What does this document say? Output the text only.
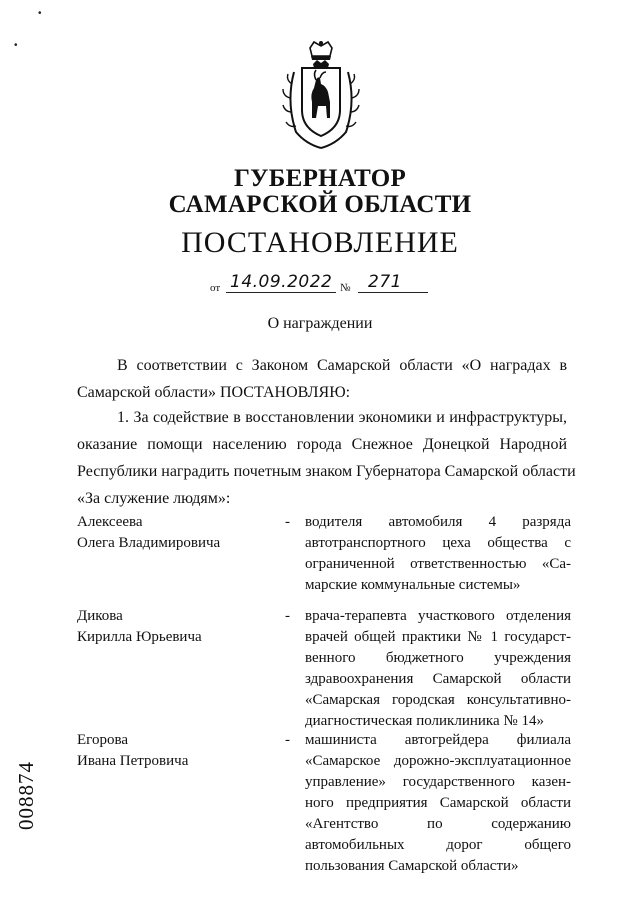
•
•
ГУБЕРНАТОР
САМАРСКОЙ ОБЛАСТИ
ПОСТАНОВЛЕНИЕ
от 14.09.2022 № 271
О награждении
В соответствии с Законом Самарской области «О наградах в
Самарской области» ПОСТАНОВЛЯЮ:
1. За содействие в восстановлении экономики и инфраструктуры,
оказание помощи населению города Снежное Донецкой Народной
Республики наградить почетным знаком Губернатора Самарской области
«За служение людям»:
Алексеева
Олега Владимировича
- водителя автомобиля 4 разряда
автотранспортного цеха общества с
ограниченной ответственностью «Са-
марские коммунальные системы»
Дикова
Кирилла Юрьевича
- врача-терапевта участкового отделения
врачей общей практики № 1 государст-
венного бюджетного учреждения
здравоохранения Самарской области
«Самарская городская консультативно-
диагностическая поликлиника № 14»
Егорова
Ивана Петровича
- машиниста автогрейдера филиала
«Самарское дорожно-эксплуатационное
управление» государственного казен-
ного предприятия Самарской области
«Агентство по содержанию
автомобильных дорог общего
пользования Самарской области»
008874
